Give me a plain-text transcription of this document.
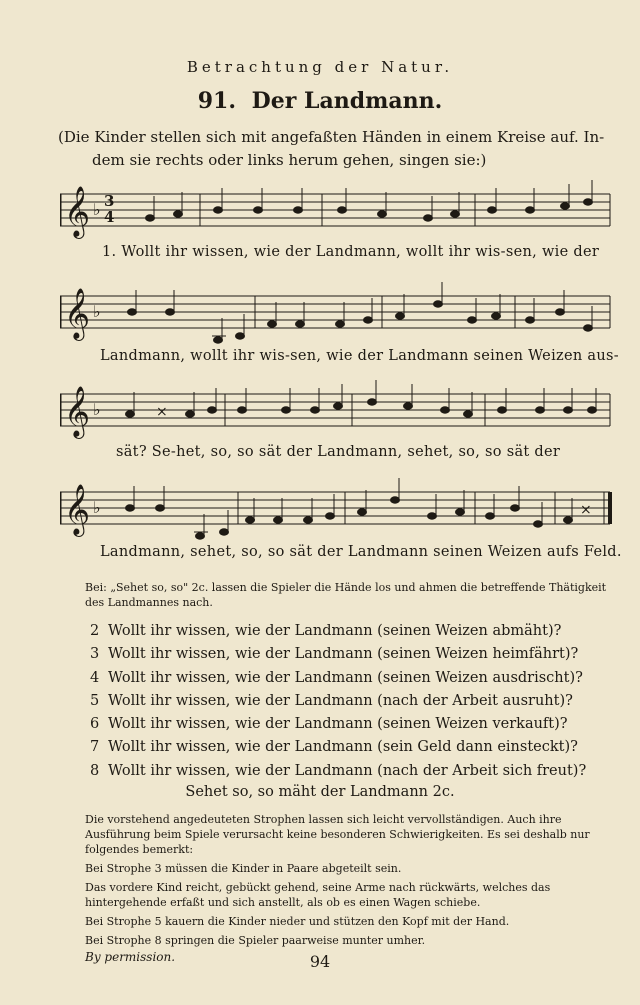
Betrachtung der Natur.
91. Der Landmann.
(Die Kinder stellen sich mit angefaßten Händen in einem Kreise auf. In-
dem sie rechts oder links herum gehen, singen sie:)
𝄞 ♭ 3
4
1. Wollt ihr wissen, wie der Landmann, wollt ihr wis-sen, wie der
𝄞 ♭
Landmann, wollt ihr wis-sen, wie der Landmann seinen Weizen aus-
𝄞 ♭	×
sät? Se-het, so, so sät der Landmann, sehet, so, so sät der
𝄞 ♭	×
Landmann, sehet, so, so sät der Landmann seinen Weizen aufs Feld.
Bei: „Sehet so, so" 2c. lassen die Spieler die Hände los und ahmen die betreffende Thätigkeit des Landmannes nach.
2 Wollt ihr wissen, wie der Landmann (seinen Weizen abmäht)?
3 Wollt ihr wissen, wie der Landmann (seinen Weizen heimfährt)?
4 Wollt ihr wissen, wie der Landmann (seinen Weizen ausdrischt)?
5 Wollt ihr wissen, wie der Landmann (nach der Arbeit ausruht)?
6 Wollt ihr wissen, wie der Landmann (seinen Weizen verkauft)?
7 Wollt ihr wissen, wie der Landmann (sein Geld dann einsteckt)?
8 Wollt ihr wissen, wie der Landmann (nach der Arbeit sich freut)?
Sehet so, so mäht der Landmann 2c.

Die vorstehend angedeuteten Strophen lassen sich leicht vervollständigen. Auch ihre Ausführung beim Spiele verursacht keine besonderen Schwierigkeiten. Es sei deshalb nur folgendes bemerkt:

Bei Strophe 3 müssen die Kinder in Paare abgeteilt sein.

Das vordere Kind reicht, gebückt gehend, seine Arme nach rückwärts, welches das hintergehende erfaßt und sich anstellt, als ob es einen Wagen schiebe.

Bei Strophe 5 kauern die Kinder nieder und stützen den Kopf mit der Hand.

Bei Strophe 8 springen die Spieler paarweise munter umher.

By permission.	94
